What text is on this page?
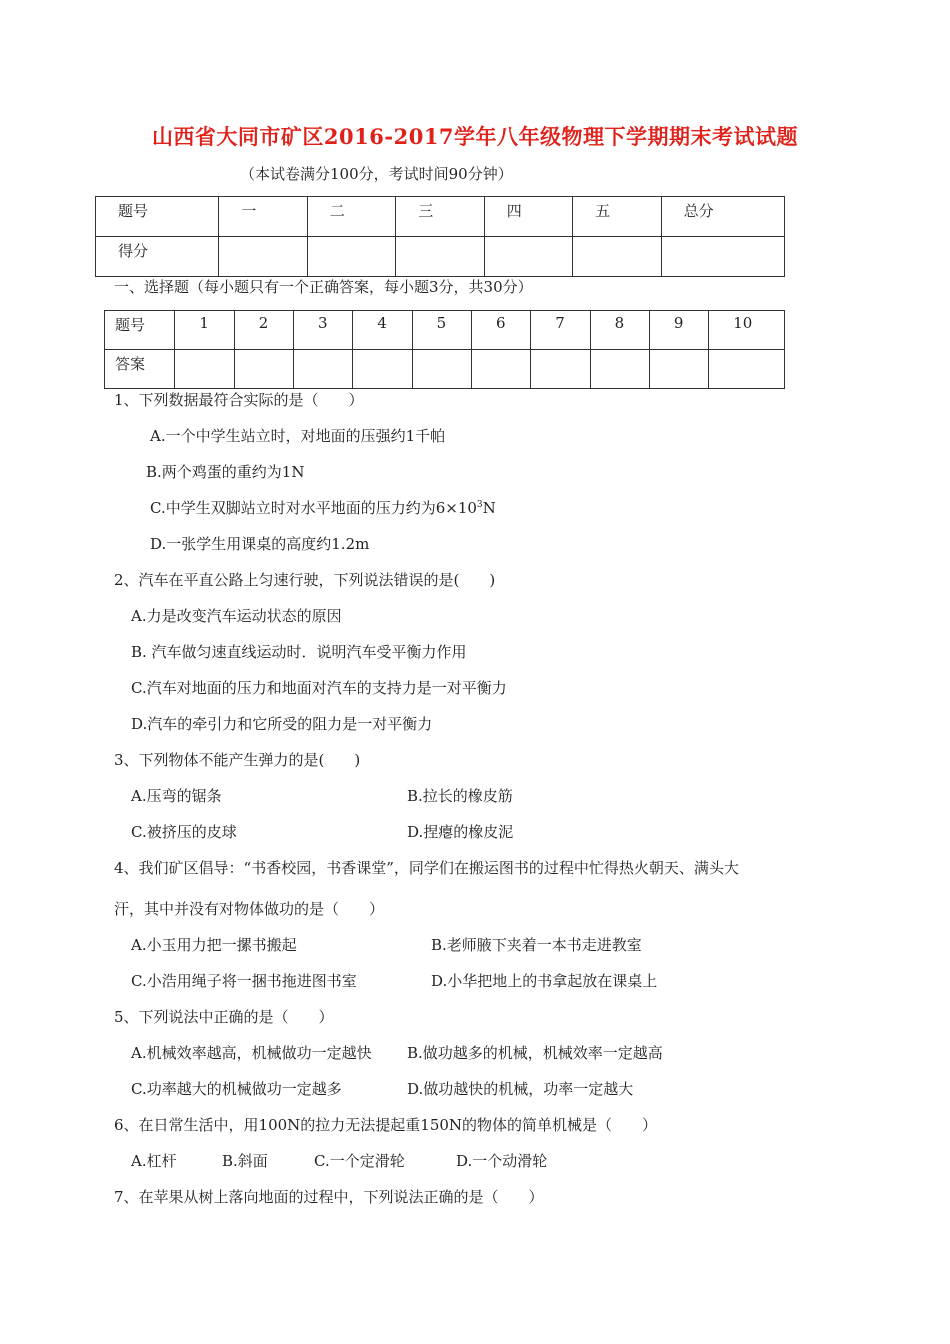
山西省大同市矿区2016-2017学年八年级物理下学期期末考试试题
（本试卷满分100分，考试时间90分钟）
题号	一	二	三	四	五	总分
得分						
一、选择题（每小题只有一个正确答案，每小题3分，共30分）
题号	1	2	3	4	5	6	7	8	9	10
答案										
1、下列数据最符合实际的是（　　）
A.一个中学生站立时，对地面的压强约1千帕
B.两个鸡蛋的重约为1N
C.中学生双脚站立时对水平地面的压力约为$6\times 10^3N$
D.一张学生用课桌的高度约1.2m
2、汽车在平直公路上匀速行驶，下列说法错误的是(　　)
A.力是改变汽车运动状态的原因
B. 汽车做匀速直线运动时．说明汽车受平衡力作用
C.汽车对地面的压力和地面对汽车的支持力是一对平衡力
D.汽车的牵引力和它所受的阻力是一对平衡力
3、下列物体不能产生弹力的是(　　)
A.压弯的锯条	B.拉长的橡皮筋
C.被挤压的皮球	D.捏瘪的橡皮泥
4、我们矿区倡导：“书香校园，书香课堂”，同学们在搬运图书的过程中忙得热火朝天、满头大
汗，其中并没有对物体做功的是（　　）
A.小玉用力把一摞书搬起	B.老师腋下夹着一本书走进教室
C.小浩用绳子将一捆书拖进图书室	D.小华把地上的书拿起放在课桌上
5、下列说法中正确的是（　　）
A.机械效率越高，机械做功一定越快 B.做功越多的机械，机械效率一定越高
C.功率越大的机械做功一定越多	D.做功越快的机械，功率一定越大
6、在日常生活中，用100N的拉力无法提起重150N的物体的简单机械是（　　）
A.杠杆	B.斜面	C.一个定滑轮	D.一个动滑轮
7、在苹果从树上落向地面的过程中，下列说法正确的是（　　）
